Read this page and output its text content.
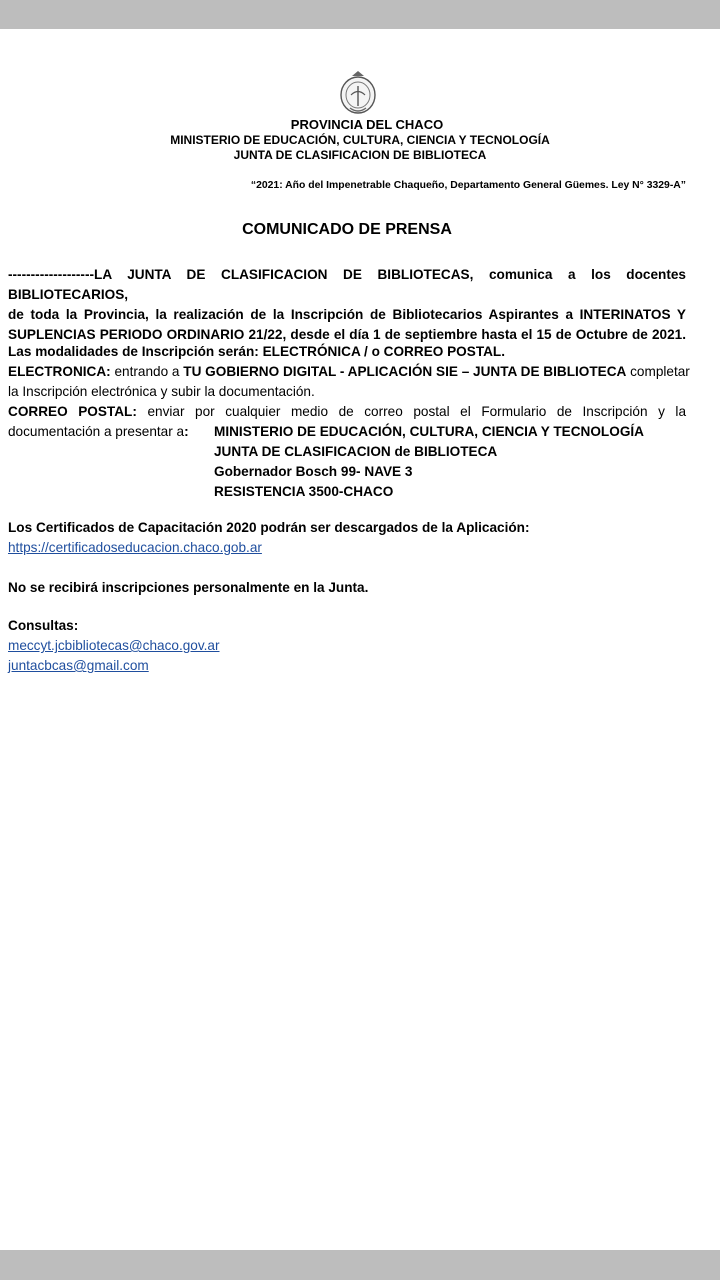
PROVINCIA DEL CHACO
MINISTERIO DE EDUCACIÓN, CULTURA, CIENCIA Y TECNOLOGÍA
JUNTA DE CLASIFICACION DE BIBLIOTECA
“2021: Año del Impenetrable Chaqueño, Departamento General Güemes. Ley N° 3329-A”
COMUNICADO DE PRENSA
-------------------LA JUNTA DE CLASIFICACION DE BIBLIOTECAS, comunica a los docentes BIBLIOTECARIOS,
de toda la Provincia, la realización de la Inscripción de Bibliotecarios Aspirantes a INTERINATOS Y
SUPLENCIAS PERIODO ORDINARIO 21/22, desde el día 1 de septiembre hasta el 15 de Octubre de 2021.
Las modalidades de Inscripción serán: ELECTRÓNICA / o CORREO POSTAL.
ELECTRONICA: entrando a TU GOBIERNO DIGITAL - APLICACIÓN SIE – JUNTA DE BIBLIOTECA completar
la Inscripción electrónica y subir la documentación.
CORREO POSTAL: enviar por cualquier medio de correo postal el Formulario de Inscripción y la
documentación a presentar a: MINISTERIO DE EDUCACIÓN, CULTURA, CIENCIA Y TECNOLOGÍA
JUNTA DE CLASIFICACION de BIBLIOTECA
Gobernador Bosch 99- NAVE 3
RESISTENCIA 3500-CHACO
Los Certificados de Capacitación 2020 podrán ser descargados de la Aplicación:
https://certificadoseducacion.chaco.gob.ar
No se recibirá inscripciones personalmente en la Junta.
Consultas:
meccyt.jcbibliotecas@chaco.gov.ar
juntacbcas@gmail.com
